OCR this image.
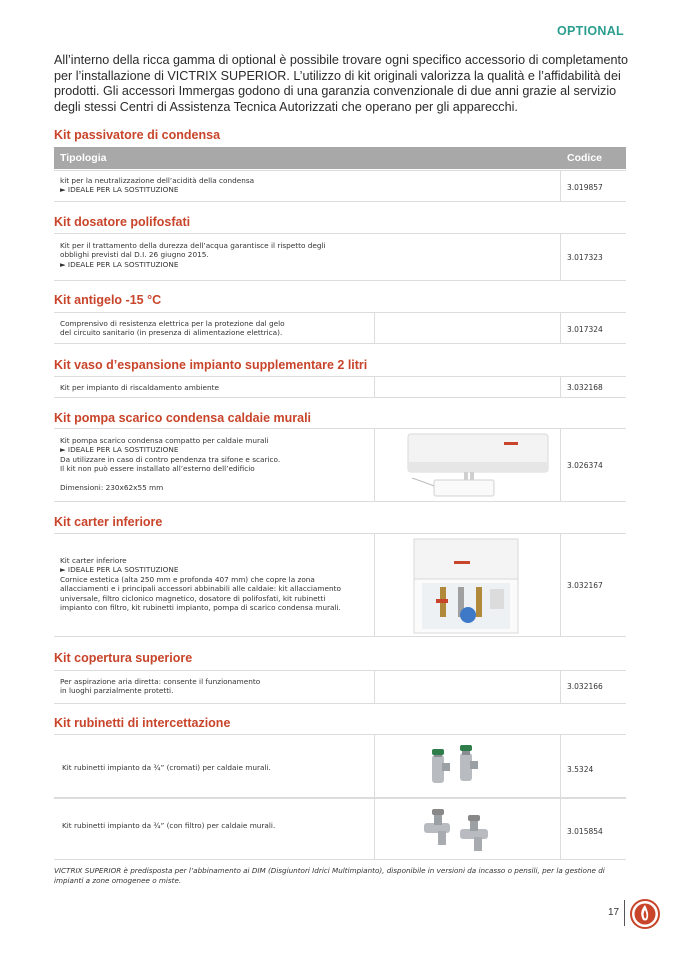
OPTIONAL

All’interno della ricca gamma di optional è possibile trovare ogni specifico accessorio di completamento per l’installazione di VICTRIX SUPERIOR. L’utilizzo di kit originali valorizza la qualità e l’affidabilità dei prodotti. Gli accessori Immergas godono di una garanzia convenzionale di due anni grazie al servizio degli stessi Centri di Assistenza Tecnica Autorizzati che operano per gli apparecchi.

Kit passivatore di condensa
Tipologia	Codice
kit per la neutralizzazione dell’acidità della condensa
► IDEALE PER LA SOSTITUZIONE	3.019857
Kit dosatore polifosfati
Kit per il trattamento della durezza dell’acqua garantisce il rispetto degli
obblighi previsti dal D.I. 26 giugno 2015.
► IDEALE PER LA SOSTITUZIONE
3.017323
Kit antigelo -15 °C
Comprensivo di resistenza elettrica per la protezione dal gelo
del circuito sanitario (in presenza di alimentazione elettrica).	3.017324
Kit vaso d’espansione impianto supplementare 2 litri
Kit per impianto di riscaldamento ambiente	3.032168
Kit pompa scarico condensa caldaie murali
Kit pompa scarico condensa compatto per caldaie murali
► IDEALE PER LA SOSTITUZIONE
Da utilizzare in caso di contro pendenza tra sifone e scarico.
Il kit non può essere installato all’esterno dell’edificio
Dimensioni: 230x62x55 mm
3.026374
Kit carter inferiore
Kit carter inferiore
► IDEALE PER LA SOSTITUZIONE
Cornice estetica (alta 250 mm e profonda 407 mm) che copre la zona
allacciamenti e i principali accessori abbinabili alle caldaie: kit allacciamento
universale, filtro ciclonico magnetico, dosatore di polifosfati, kit rubinetti
impianto con filtro, kit rubinetti impianto, pompa di scarico condensa murali.
3.032167
Kit copertura superiore
Per aspirazione aria diretta: consente il funzionamento
in luoghi parzialmente protetti.	3.032166
Kit rubinetti di intercettazione
Kit rubinetti impianto da ¾” (cromati) per caldaie murali.	3.5324
Kit rubinetti impianto da ¾” (con filtro) per caldaie murali.
3.015854

VICTRIX SUPERIOR è predisposta per l’abbinamento ai DIM (Disgiuntori Idrici Multimpianto), disponibile in versioni da incasso o pensili, per la gestione di impianti a zone omogenee o miste.

17
